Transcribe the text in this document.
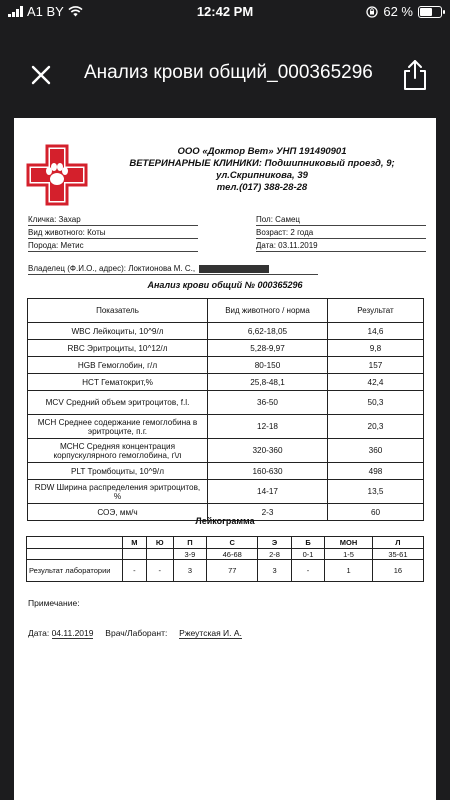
A1 BY	12:42 PM	62 %
Анализ крови общий_000365296
ООО «Доктор Вет» УНП 191490901
ВЕТЕРИНАРНЫЕ КЛИНИКИ: Подшипниковый проезд, 9;
ул.Скрипникова, 39
тел.(017) 388-28-28
Кличка: Захар
Вид животного: Коты
Порода: Метис
Пол: Самец
Возраст: 2 года
Дата: 03.11.2019
Владелец (Ф.И.О., адрес): Локтионова М. С.,
Анализ крови общий № 000365296
Показатель	Вид животного / норма	Результат
WBC Лейкоциты, 10^9/л	6,62-18,05	14,6
RBC Эритроциты, 10^12/л	5,28-9,97	9,8
HGB Гемоглобин, г/л	80-150	157
HCT Гематокрит,%	25,8-48,1	42,4
MCV Средний объем эритроцитов, f.l.	36-50	50,3
MCH Среднее содержание гемоглобина в эритроците, п.г.	12-18	20,3
MCHC Средняя концентрация корпускулярного гемоглобина, г\л	320-360	360
PLT Тромбоциты, 10^9/л	160-630	498
RDW Ширина распределения эритроцитов, %	14-17	13,5
СОЭ, мм/ч	2-3	60
Лейкограмма
	М	Ю	П	С	Э	Б	МОН	Л
			3-9	46-68	2-8	0-1	1-5	35-61
Результат лаборатории	-	-	3	77	3	-	1	16
Примечание:
Дата: 04.11.2019 Врач/Лаборант: Ржеутская И. А.
